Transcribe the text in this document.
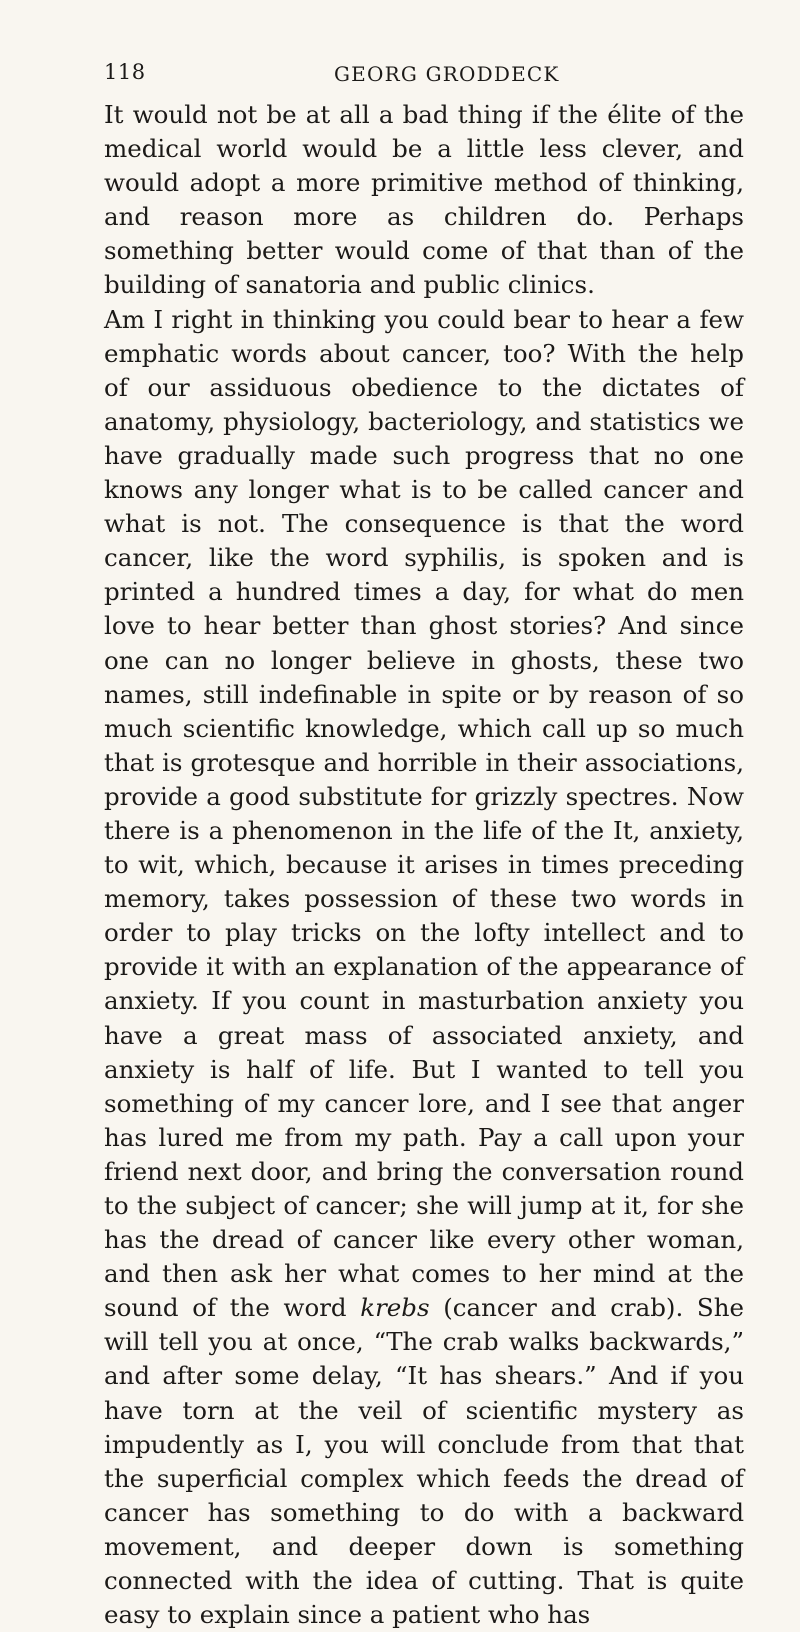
118	GEORG GRODDECK

It would not be at all a bad thing if the élite of the medical world would be a little less clever, and would adopt a more primitive method of thinking, and reason more as children do. Perhaps something better would come of that than of the building of sanatoria and public clinics.

Am I right in thinking you could bear to hear a few emphatic words about cancer, too? With the help of our assiduous obedience to the dictates of anatomy, physiology, bacteriology, and statistics we have gradually made such progress that no one knows any longer what is to be called cancer and what is not. The consequence is that the word cancer, like the word syphilis, is spoken and is printed a hundred times a day, for what do men love to hear better than ghost stories? And since one can no longer believe in ghosts, these two names, still indefinable in spite or by reason of so much scientific knowledge, which call up so much that is grotesque and horrible in their associations, provide a good substitute for grizzly spectres. Now there is a phenomenon in the life of the It, anxiety, to wit, which, because it arises in times preceding memory, takes possession of these two words in order to play tricks on the lofty intellect and to provide it with an explanation of the appearance of anxiety. If you count in masturbation anxiety you have a great mass of associated anxiety, and anxiety is half of life. But I wanted to tell you something of my cancer lore, and I see that anger has lured me from my path. Pay a call upon your friend next door, and bring the conversation round to the subject of cancer; she will jump at it, for she has the dread of cancer like every other woman, and then ask her what comes to her mind at the sound of the word krebs (cancer and crab). She will tell you at once, “The crab walks backwards,” and after some delay, “It has shears.” And if you have torn at the veil of scientific mystery as impudently as I, you will conclude from that that the superficial complex which feeds the dread of cancer has something to do with a backward movement, and deeper down is something connected with the idea of cutting. That is quite easy to explain since a patient who has
